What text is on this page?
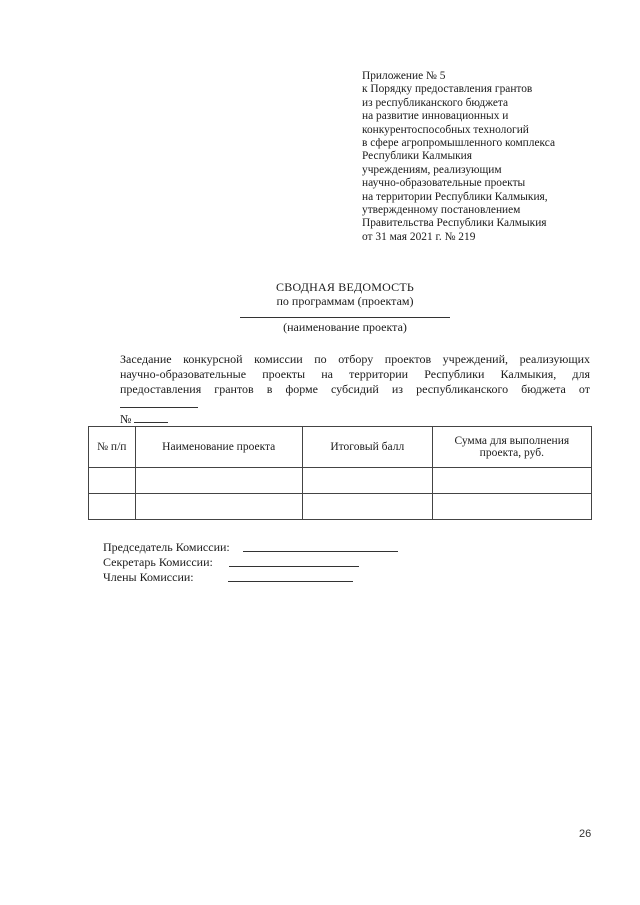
Приложение № 5
к Порядку предоставления грантов
из республиканского бюджета
на развитие инновационных и
конкурентоспособных технологий
в сфере агропромышленного комплекса
Республики Калмыкия
учреждениям, реализующим
научно-образовательные проекты
на территории Республики Калмыкия,
утвержденному постановлением
Правительства Республики Калмыкия
от 31 мая 2021 г. № 219
СВОДНАЯ ВЕДОМОСТЬ
по программам (проектам)
(наименование проекта)
Заседание конкурсной комиссии по отбору проектов учреждений, реализующих
научно-образовательные проекты на территории Республики Калмыкия, для
предоставления грантов в форме субсидий из республиканского бюджета от
№
№ п/п	Наименование проекта	Итоговый балл	Сумма для выполнения проекта, руб.

Председатель Комиссии:
Секретарь Комиссии:
Члены Комиссии:
26
